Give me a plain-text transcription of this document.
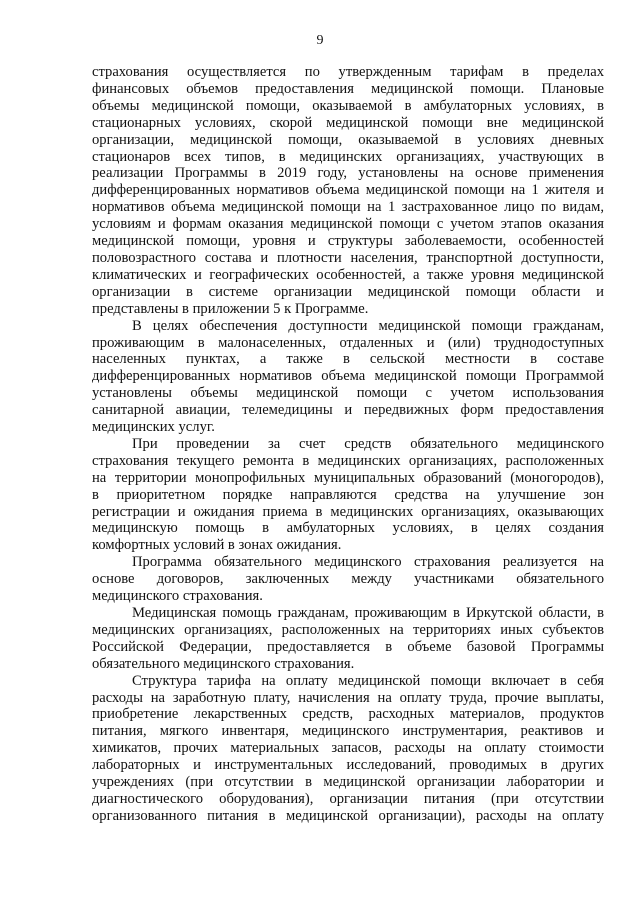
9
страхования осуществляется по утвержденным тарифам в пределах
финансовых объемов предоставления медицинской помощи. Плановые
объемы медицинской помощи, оказываемой в амбулаторных условиях, в
стационарных условиях, скорой медицинской помощи вне медицинской
организации, медицинской помощи, оказываемой в условиях дневных
стационаров всех типов, в медицинских организациях, участвующих в
реализации Программы в 2019 году, установлены на основе применения
дифференцированных нормативов объема медицинской помощи на 1 жителя и
нормативов объема медицинской помощи на 1 застрахованное лицо по видам,
условиям и формам оказания медицинской помощи с учетом этапов оказания
медицинской помощи, уровня и структуры заболеваемости, особенностей
половозрастного состава и плотности населения, транспортной доступности,
климатических и географических особенностей, а также уровня медицинской
организации в системе организации медицинской помощи области и
представлены в приложении 5 к Программе.
В целях обеспечения доступности медицинской помощи гражданам,
проживающим в малонаселенных, отдаленных и (или) труднодоступных
населенных пунктах, а также в сельской местности в составе
дифференцированных нормативов объема медицинской помощи Программой
установлены объемы медицинской помощи с учетом использования
санитарной авиации, телемедицины и передвижных форм предоставления
медицинских услуг.
При проведении за счет средств обязательного медицинского
страхования текущего ремонта в медицинских организациях, расположенных
на территории монопрофильных муниципальных образований (моногородов),
в приоритетном порядке направляются средства на улучшение зон
регистрации и ожидания приема в медицинских организациях, оказывающих
медицинскую помощь в амбулаторных условиях, в целях создания
комфортных условий в зонах ожидания.
Программа обязательного медицинского страхования реализуется на
основе договоров, заключенных между участниками обязательного
медицинского страхования.
Медицинская помощь гражданам, проживающим в Иркутской области, в
медицинских организациях, расположенных на территориях иных субъектов
Российской Федерации, предоставляется в объеме базовой Программы
обязательного медицинского страхования.
Структура тарифа на оплату медицинской помощи включает в себя
расходы на заработную плату, начисления на оплату труда, прочие выплаты,
приобретение лекарственных средств, расходных материалов, продуктов
питания, мягкого инвентаря, медицинского инструментария, реактивов и
химикатов, прочих материальных запасов, расходы на оплату стоимости
лабораторных и инструментальных исследований, проводимых в других
учреждениях (при отсутствии в медицинской организации лаборатории и
диагностического оборудования), организации питания (при отсутствии
организованного питания в медицинской организации), расходы на оплату
